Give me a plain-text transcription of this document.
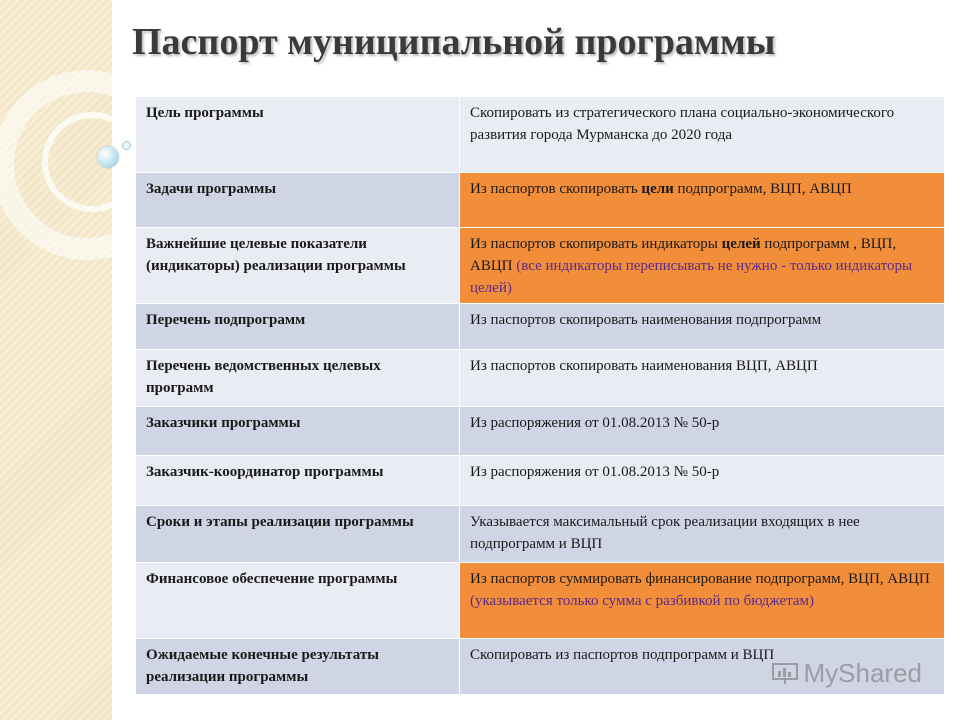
Паспорт муниципальной программы
Цель программы	Скопировать из стратегического плана социально-экономического развития города Мурманска до 2020 года
Задачи программы	Из паспортов скопировать цели подпрограмм, ВЦП, АВЦП
Важнейшие целевые показатели (индикаторы) реализации программы	Из паспортов скопировать индикаторы целей подпрограмм , ВЦП, АВЦП (все индикаторы переписывать не нужно - только индикаторы целей)
Перечень подпрограмм	Из паспортов скопировать наименования подпрограмм
Перечень ведомственных целевых программ	Из паспортов скопировать наименования ВЦП, АВЦП
Заказчики программы	Из распоряжения от 01.08.2013 № 50-р
Заказчик-координатор программы	Из распоряжения от 01.08.2013 № 50-р
Сроки и этапы реализации программы	Указывается максимальный срок реализации входящих в нее подпрограмм и ВЦП
Финансовое обеспечение программы	Из паспортов суммировать финансирование подпрограмм, ВЦП, АВЦП (указывается только сумма с разбивкой по бюджетам)
Ожидаемые конечные результаты реализации программы	Скопировать из паспортов подпрограмм и ВЦП
MyShared
